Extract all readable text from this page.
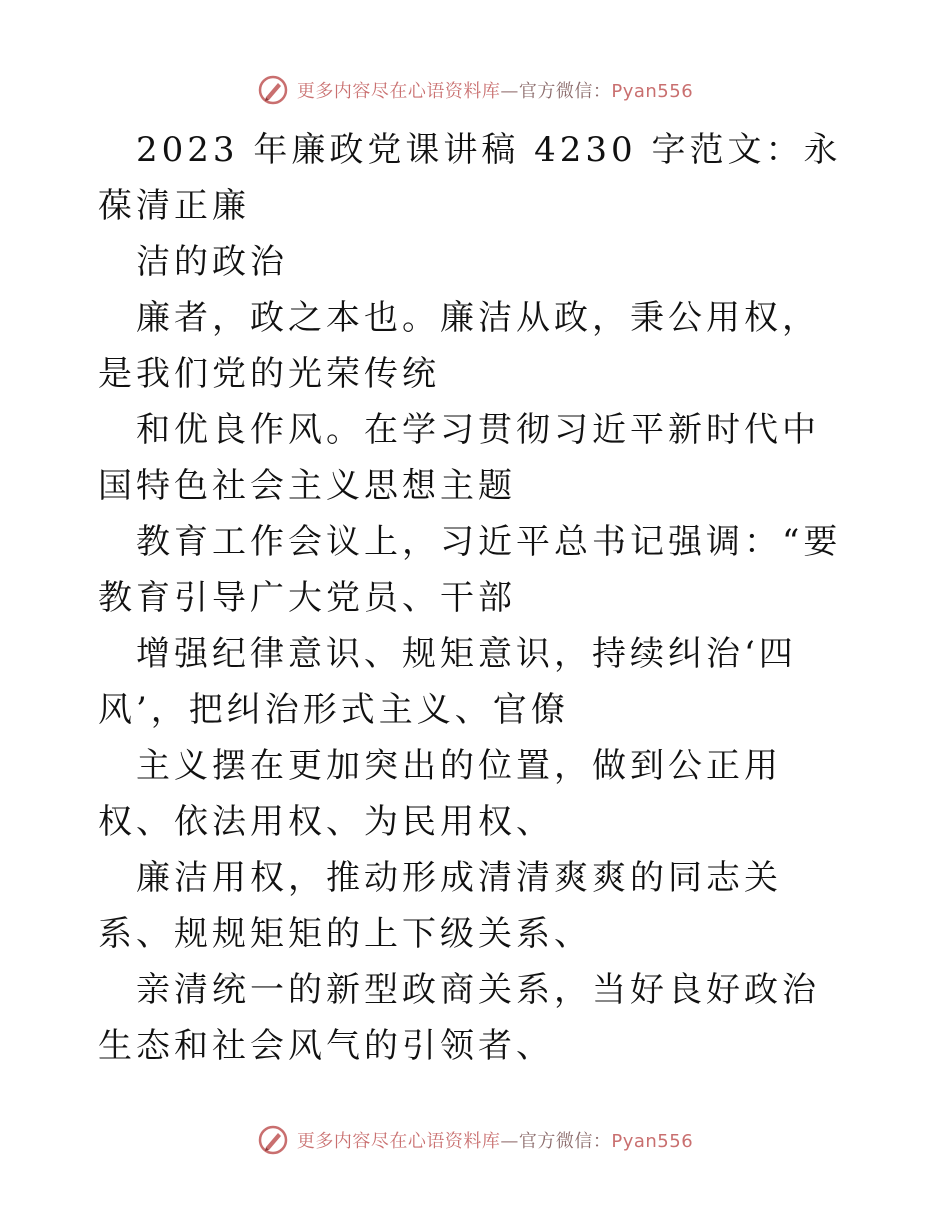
更多内容尽在心语资料库—官方微信：Pyan556

2023 年廉政党课讲稿 4230 字范文：永葆清正廉

洁的政治

廉者，政之本也。廉洁从政，秉公用权，是我们党的光荣传统

和优良作风。在学习贯彻习近平新时代中国特色社会主义思想主题

教育工作会议上，习近平总书记强调：“要教育引导广大党员、干部

增强纪律意识、规矩意识，持续纠治‘四风’，把纠治形式主义、官僚

主义摆在更加突出的位置，做到公正用权、依法用权、为民用权、

廉洁用权，推动形成清清爽爽的同志关系、规规矩矩的上下级关系、

亲清统一的新型政商关系，当好良好政治生态和社会风气的引领者、

更多内容尽在心语资料库—官方微信：Pyan556
